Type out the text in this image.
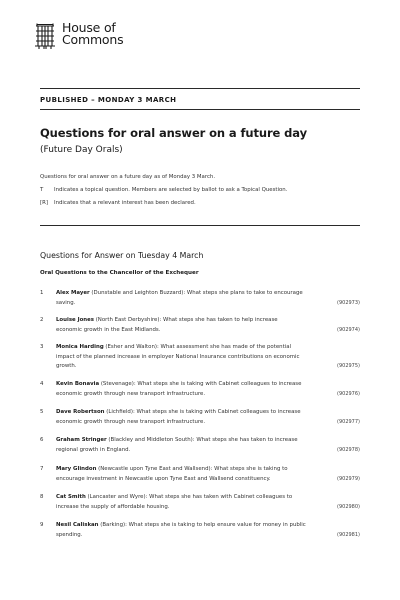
House of
Commons
PUBLISHED – MONDAY 3 MARCH
Questions for oral answer on a future day
(Future Day Orals)
Questions for oral answer on a future day as of Monday 3 March.
T Indicates a topical question. Members are selected by ballot to ask a Topical Question.
[R] Indicates that a relevant interest has been declared.
Questions for Answer on Tuesday 4 March
Oral Questions to the Chancellor of the Exchequer
1	Alex Mayer (Dunstable and Leighton Buzzard): What steps she plans to take to encourage
saving.	(902973)
2	Louise Jones (North East Derbyshire): What steps she has taken to help increase
economic growth in the East Midlands.	(902974)
3	Monica Harding (Esher and Walton): What assessment she has made of the potential
impact of the planned increase in employer National Insurance contributions on economic
growth.	(902975)
4	Kevin Bonavia (Stevenage): What steps she is taking with Cabinet colleagues to increase
economic growth through new transport infrastructure.	(902976)
5	Dave Robertson (Lichfield): What steps she is taking with Cabinet colleagues to increase
economic growth through new transport infrastructure.	(902977)
6	Graham Stringer (Blackley and Middleton South): What steps she has taken to increase
regional growth in England.	(902978)
7	Mary Glindon (Newcastle upon Tyne East and Wallsend): What steps she is taking to
encourage investment in Newcastle upon Tyne East and Wallsend constituency.	(902979)
8	Cat Smith (Lancaster and Wyre): What steps she has taken with Cabinet colleagues to
increase the supply of affordable housing.	(902980)
9	Nesil Caliskan (Barking): What steps she is taking to help ensure value for money in public
spending.	(902981)
